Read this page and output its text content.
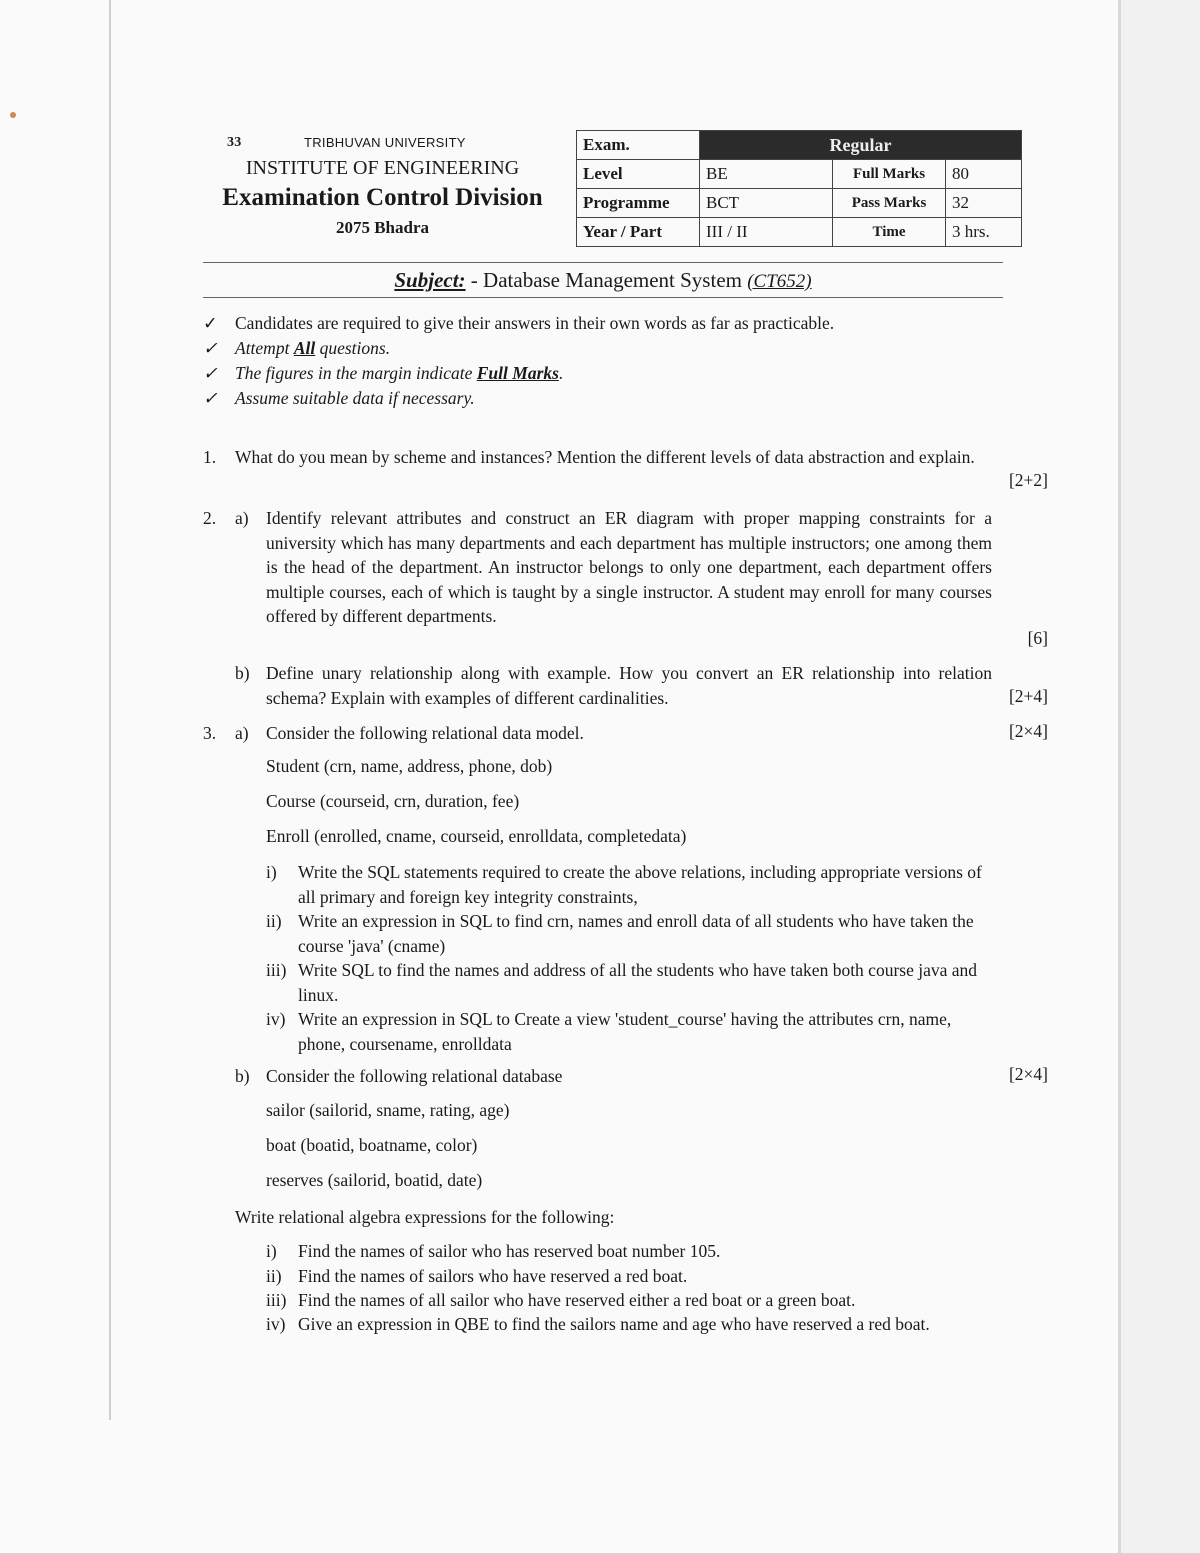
33	TRIBHUVAN UNIVERSITY
INSTITUTE OF ENGINEERING
Examination Control Division
2075 Bhadra
Exam.	Regular		
Level	BE	Full Marks	80
Programme	BCT	Pass Marks	32
Year / Part	III / II	Time	3 hrs.
Subject: - Database Management System (CT652)
✓ Candidates are required to give their answers in their own words as far as practicable.
✓ Attempt All questions.
✓ The figures in the margin indicate Full Marks.
✓ Assume suitable data if necessary.
1. What do you mean by scheme and instances? Mention the different levels of data abstraction and explain.
[2+2]
2. a) Identify relevant attributes and construct an ER diagram with proper mapping constraints for a university which has many departments and each department has multiple instructors; one among them is the head of the department. An instructor belongs to only one department, each department offers multiple courses, each of which is taught by a single instructor. A student may enroll for many courses offered by different departments.
[6]
b) Define unary relationship along with example. How you convert an ER relationship into relation schema? Explain with examples of different cardinalities.	[2+4]
3. a) Consider the following relational data model.	[2×4]
Student (crn, name, address, phone, dob)
Course (courseid, crn, duration, fee)
Enroll (enrolled, cname, courseid, enrolldata, completedata)
i) Write the SQL statements required to create the above relations, including appropriate versions of all primary and foreign key integrity constraints,
ii) Write an expression in SQL to find crn, names and enroll data of all students who have taken the course 'java' (cname)
iii) Write SQL to find the names and address of all the students who have taken both course java and linux.
iv) Write an expression in SQL to Create a view 'student_course' having the attributes crn, name, phone, coursename, enrolldata
b) Consider the following relational database	[2×4]
sailor (sailorid, sname, rating, age)
boat (boatid, boatname, color)
reserves (sailorid, boatid, date)
Write relational algebra expressions for the following:
i) Find the names of sailor who has reserved boat number 105.
ii) Find the names of sailors who have reserved a red boat.
iii) Find the names of all sailor who have reserved either a red boat or a green boat.
iv) Give an expression in QBE to find the sailors name and age who have reserved a red boat.
